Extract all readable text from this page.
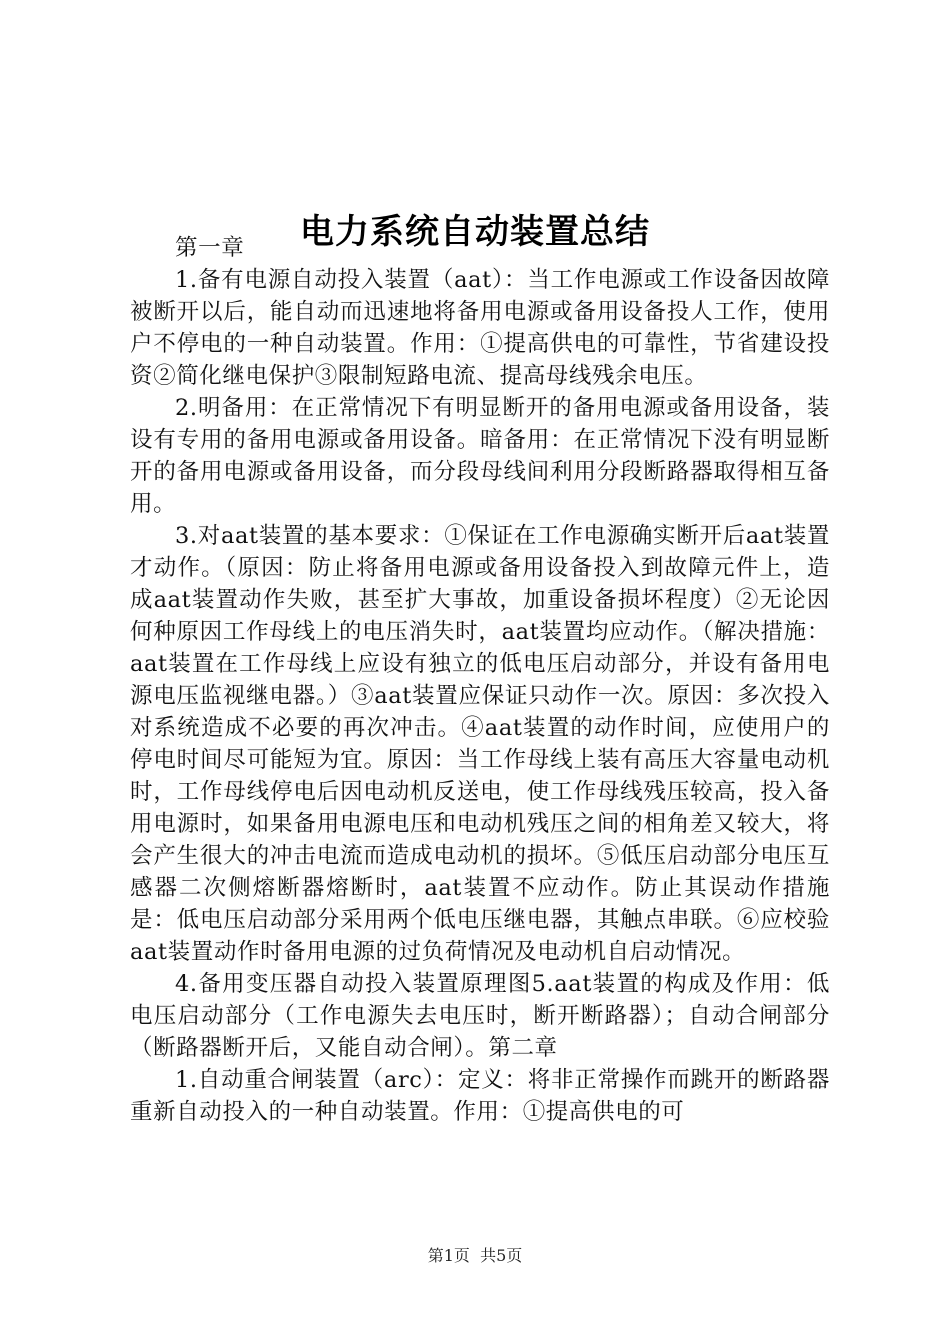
电力系统自动装置总结

第一章

1.备有电源自动投入装置（aat）：当工作电源或工作设备因故障被断开以后，能自动而迅速地将备用电源或备用设备投人工作，使用户不停电的一种自动装置。作用：①提高供电的可靠性，节省建设投资②简化继电保护③限制短路电流、提高母线残余电压。

2.明备用：在正常情况下有明显断开的备用电源或备用设备，装设有专用的备用电源或备用设备。暗备用：在正常情况下没有明显断开的备用电源或备用设备，而分段母线间利用分段断路器取得相互备用。

3.对aat装置的基本要求：①保证在工作电源确实断开后aat装置才动作。（原因：防止将备用电源或备用设备投入到故障元件上，造成aat装置动作失败，甚至扩大事故，加重设备损坏程度）②无论因何种原因工作母线上的电压消失时，aat装置均应动作。（解决措施：aat装置在工作母线上应设有独立的低电压启动部分，并设有备用电源电压监视继电器。）③aat装置应保证只动作一次。原因：多次投入对系统造成不必要的再次冲击。④aat装置的动作时间，应使用户的停电时间尽可能短为宜。原因：当工作母线上装有高压大容量电动机时，工作母线停电后因电动机反送电，使工作母线残压较高，投入备用电源时，如果备用电源电压和电动机残压之间的相角差又较大，将会产生很大的冲击电流而造成电动机的损坏。⑤低压启动部分电压互感器二次侧熔断器熔断时，aat装置不应动作。防止其误动作措施是：低电压启动部分采用两个低电压继电器，其触点串联。⑥应校验aat装置动作时备用电源的过负荷情况及电动机自启动情况。

4.备用变压器自动投入装置原理图5.aat装置的构成及作用：低电压启动部分（工作电源失去电压时，断开断路器）；自动合闸部分（断路器断开后，又能自动合闸）。第二章

1.自动重合闸装置（arc）：定义：将非正常操作而跳开的断路器重新自动投入的一种自动装置。作用：①提高供电的可

第1页  共5页
